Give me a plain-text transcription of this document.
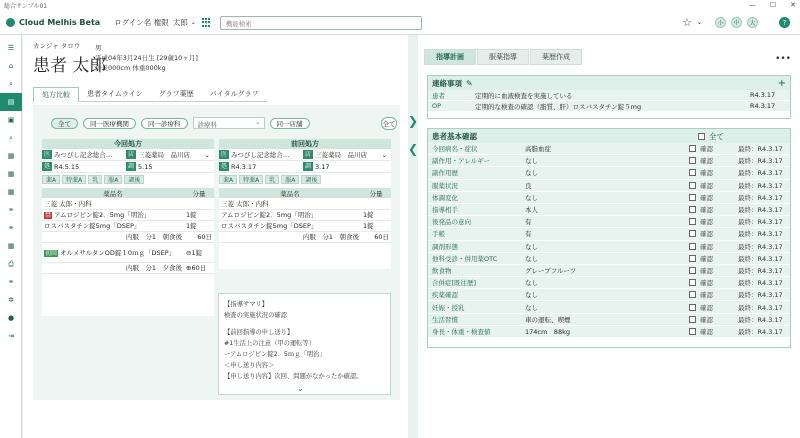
総合サンプル01	— ☐ ✕
Cloud Melhis Beta ログイン名 権限 太郎 ⌄	機能検索	☆ ⌄	小	中	大	?
☰
⌂
⌕
▤
▣
⌕
▦
▦
▦
⚭
⚭
▦
⎙
⚭
✲
●
⇥
カンジャ タロウ
患者 太郎
男
平成04年3月24日生 [29歳10ヶ月]
身長000cm 体重000kg
処方比較	患者タイムライン	グラフ薬歴	バイタルグラフ
全て	同一医療機関	同一診療科	診療科 ⌄	同一店舗	全て
今回処方
医 みつびし記念総合…	店 三菱薬局　品川店 ⌄
処 R4.5.15	調 5.15
薬A	特薬A	乳	服A	調後
薬品名	分量
三菱 太郎・内科	
禁 アムロジピン錠2．5mg「明治」	1錠
ロスバスタチン錠5mg「DSEP」	1錠
内服　分1　朝食後	60日
初回 オルメサルタンOD錠１0ｍｇ「DSEP」	⊖1錠
内服　分1　夕食後	⊕60日
前回処方
医 みつびし記念総合…	店 三菱薬局　品川店 ⌄
処 R4.3.17	調 3.17
薬A	特薬A	乳	服A	調後
薬品名	分量
三菱 太郎・内科	
アムロジピン錠2．5mg「明治」	1錠
ロスバスタチン錠5mg「DSEP」	1錠
内服　分1　朝食後	60日
【指導サマリ】
検査の実施状況の確認
【前回指導の申し送り】
#1生活上の注意（甲の運転等）
ーアムロジピン錠2．5ｍｇ「明治」
＜申し送り内容＞
【申し送り内容】次回、問題がなかったか確認。
⌄
❯
❮
指導計画	服薬指導	薬歴作成	•••
連絡事項 ✎	+
患者	定期的に血液検査を実施している	R4.3.17
OP	定期的な検査の確認（脂質、肝）ロスバスタチン錠５mg	R4.3.17
患者基本確認	全て
今回病名・症状	高脂血症	確認	最終：R4.3.17
副作用・アレルギー	なし	確認	最終：R4.3.17
副作用歴	なし	確認	最終：R4.3.17
服薬状況	良	確認	最終：R4.3.17
体調変化	なし	確認	最終：R4.3.17
指導相手	本人	確認	最終：R4.3.17
後発品の意向	有	確認	最終：R4.3.17
手帳	有	確認	最終：R4.3.17
調剤形態	なし	確認	最終：R4.3.17
他科受診・併用薬OTC	なし	確認	最終：R4.3.17
飲食物	グレープフルーツ	確認	最終：R4.3.17
合併症[既往歴]	なし	確認	最終：R4.3.17
疾薬確認	なし	確認	最終：R4.3.17
妊娠・授乳	なし	確認	最終：R4.3.17
生活習慣	車の運転、喫煙	確認	最終：R4.3.17
身長・体重・検査値	174cm　88kg	確認	最終：R4.3.17
